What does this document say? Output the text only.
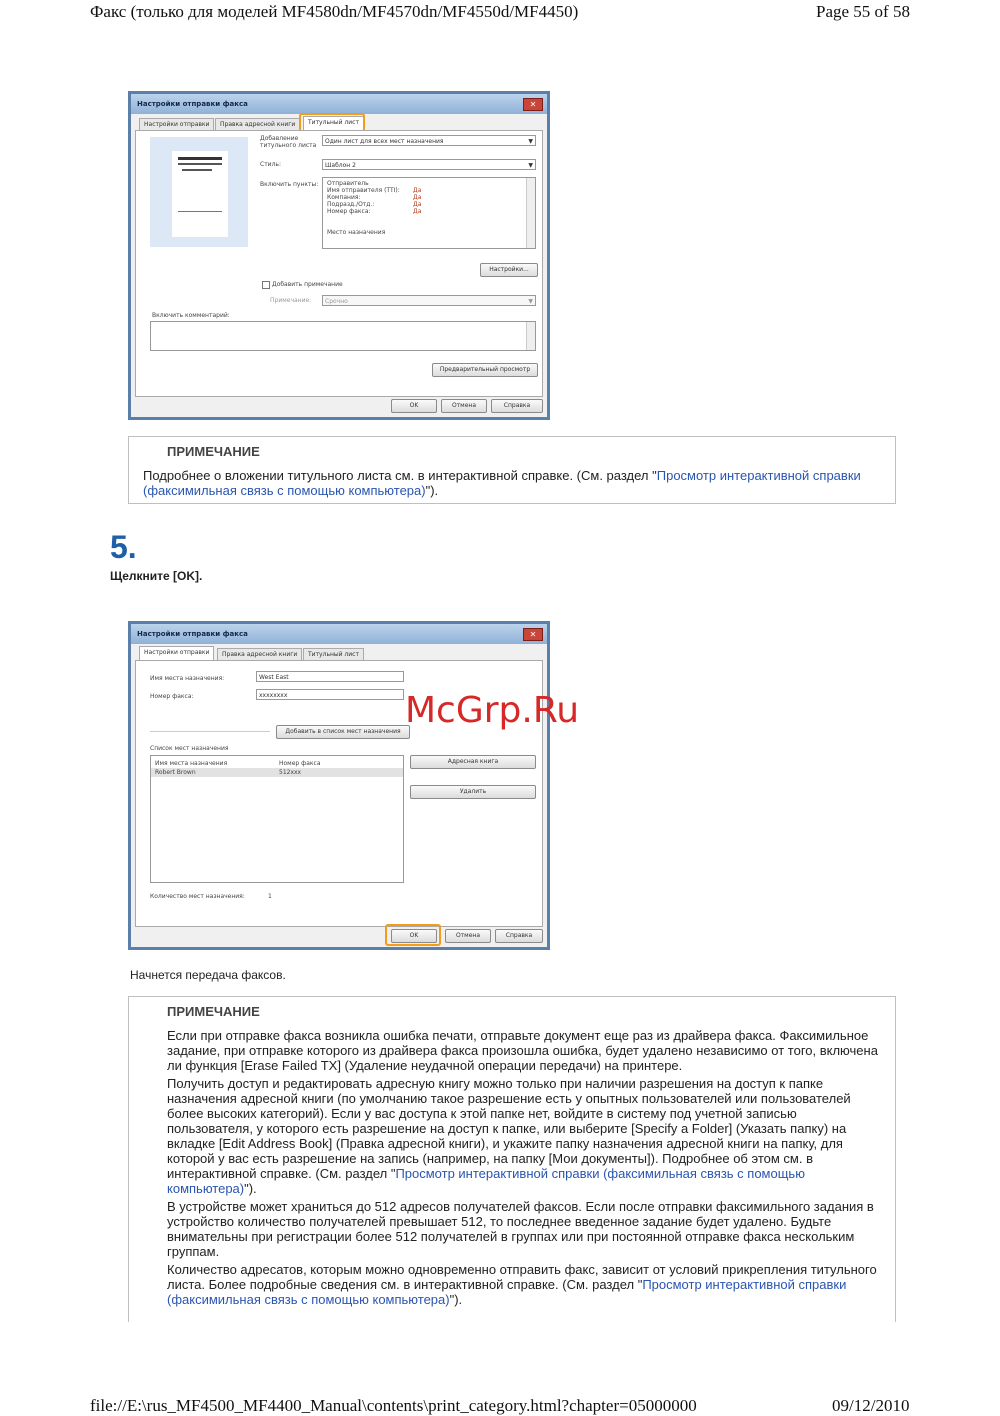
Факс (только для моделей MF4580dn/MF4570dn/MF4550d/MF4450)	Page 55 of 58
Настройки отправки факса	✕
Настройки отправки	Правка адресной книги	Титульный лист
Добавление титульного листа
Один лист для всех мест назначения	▼
Стиль:	Шаблон 2	▼
Включить пункты: Отправитель
Имя отправителя (TTI): Да
Компания:	Да
Подразд./Отд.:	Да
Номер факса:	Да
Место назначения
Настройки...
Добавить примечание
Примечание:	Срочно	▼
Включить комментарий:
Предварительный просмотр
OK	Отмена	Справка
ПРИМЕЧАНИЕ

Подробнее о вложении титульного листа см. в интерактивной справке. (См. раздел "Просмотр интерактивной справки (факсимильная связь с помощью компьютера)").

5.
Щелкните [OK].
Настройки отправки факса	✕
Настройки отправки	Правка адресной книги	Титульный лист
Имя места назначения:	West East
Номер факса:	xxxxxxxx
Добавить в список мест назначения
Список мест назначения
Имя места назначения	Номер факса
Robert Brown	512xxx
Адресная книга
Удалить
Количество мест назначения:	1
OK	Отмена	Справка
McGrp.Ru
Начнется передача факсов.
ПРИМЕЧАНИЕ

Если при отправке факса возникла ошибка печати, отправьте документ еще раз из драйвера факса. Факсимильное задание, при отправке которого из драйвера факса произошла ошибка, будет удалено независимо от того, включена ли функция [Erase Failed TX] (Удаление неудачной операции передачи) на принтере.

Получить доступ и редактировать адресную книгу можно только при наличии разрешения на доступ к папке назначения адресной книги (по умолчанию такое разрешение есть у опытных пользователей или пользователей более высоких категорий). Если у вас доступа к этой папке нет, войдите в систему под учетной записью пользователя, у которого есть разрешение на доступ к папке, или выберите [Specify a Folder] (Указать папку) на вкладке [Edit Address Book] (Правка адресной книги), и укажите папку назначения адресной книги на папку, для которой у вас есть разрешение на запись (например, на папку [Мои документы]). Подробнее об этом см. в интерактивной справке. (См. раздел "Просмотр интерактивной справки (факсимильная связь с помощью компьютера)").

В устройстве может храниться до 512 адресов получателей факсов. Если после отправки факсимильного задания в устройство количество получателей превышает 512, то последнее введенное задание будет удалено. Будьте внимательны при регистрации более 512 получателей в группах или при постоянной отправке факса нескольким группам.

Количество адресатов, которым можно одновременно отправить факс, зависит от условий прикрепления титульного листа. Более подробные сведения см. в интерактивной справке. (См. раздел "Просмотр интерактивной справки (факсимильная связь с помощью компьютера)").

file://E:\rus_MF4500_MF4400_Manual\contents\print_category.html?chapter=05000000	09/12/2010
